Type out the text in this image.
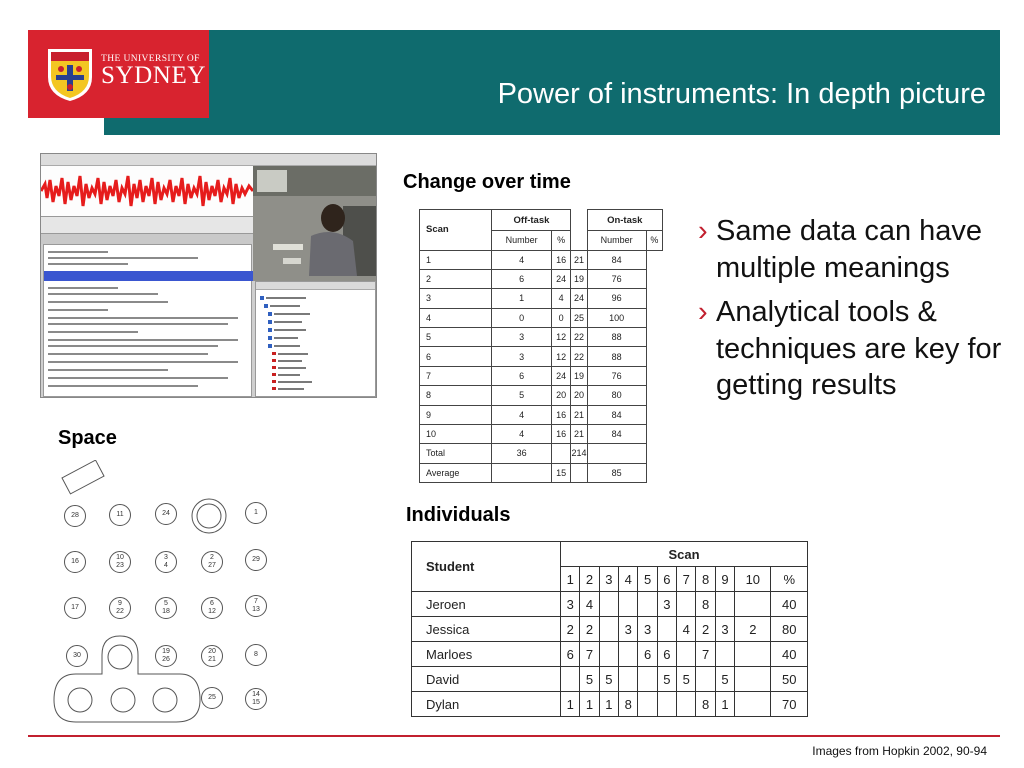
THE UNIVERSITY OF
SYDNEY
Power of instruments: In depth picture
Change over time
Space
Individuals
Scan	Off-task			On-task	
	Number	%		Number	%
1	4	16	21	84	
2	6	24	19	76	
3	1	4	24	96	
4	0	0	25	100	
5	3	12	22	88	
6	3	12	22	88	
7	6	24	19	76	
8	5	20	20	80	
9	4	16	21	84	
10	4	16	21	84	
Total	36		214		
Average		15		85	
› Same data can have multiple meanings
› Analytical tools & techniques are key for getting results
28	11	24	1
16
10
23
3
4
2
27
29
17
9
22
5
18
6
12
7
13
30
19
26
20
21
8
25	14
15
Student	Scan										
	1	2	3	4	5	6	7	8	9	10	%
Jeroen	3	4				3		8			40
Jessica	2	2		3	3		4	2	3	2	80
Marloes	6	7			6	6		7			40
David		5	5			5	5		5		50
Dylan	1	1	1	8				8	1		70
Images from Hopkin 2002, 90-94
